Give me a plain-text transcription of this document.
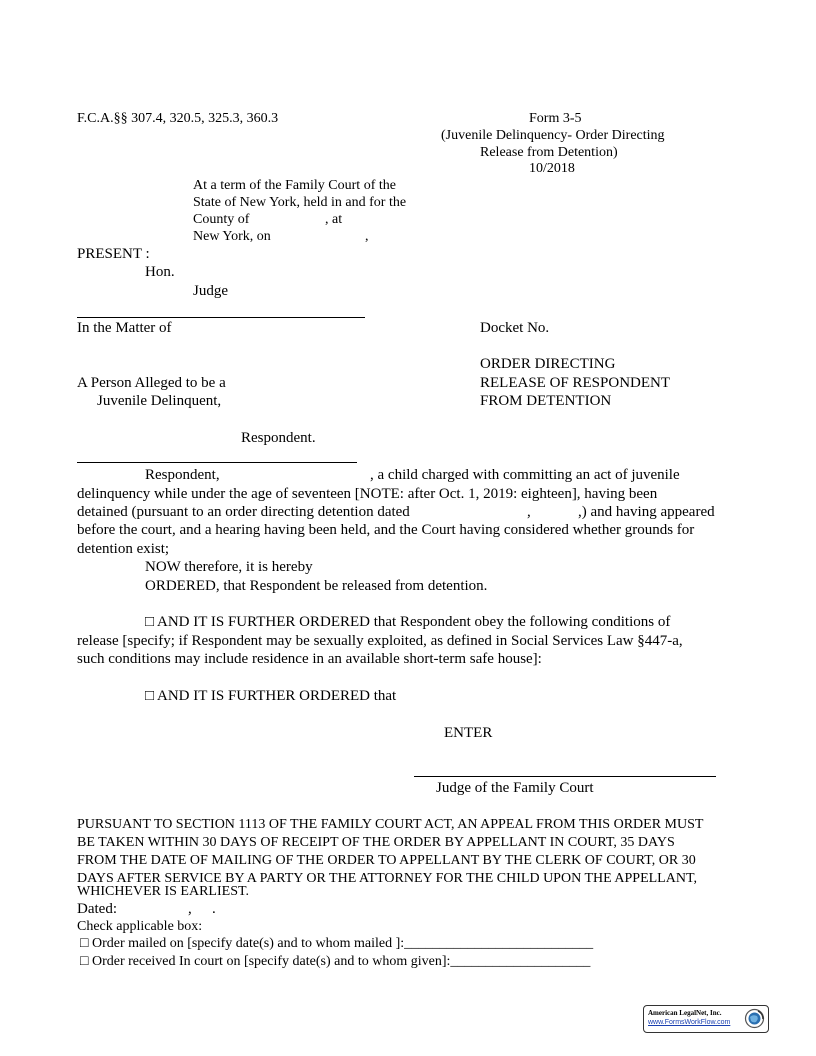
F.C.A.§§ 307.4, 320.5, 325.3, 360.3	Form 3-5
(Juvenile Delinquency- Order Directing
Release from Detention)
10/2018
At a term of the Family Court of the
State of New York, held in and for the
County of	, at
New York, on	,
PRESENT :
Hon.
Judge
In the Matter of	Docket No.
ORDER DIRECTING
A Person Alleged to be a	RELEASE OF RESPONDENT
Juvenile Delinquent,	FROM DETENTION
Respondent.
Respondent,	, a child charged with committing an act of juvenile
delinquency while under the age of seventeen [NOTE: after Oct. 1, 2019: eighteen], having been
detained (pursuant to an order directing detention dated	,	,) and having appeared
before the court, and a hearing having been held, and the Court having considered whether grounds for
detention exist;
NOW therefore, it is hereby
ORDERED, that Respondent be released from detention.
□ AND IT IS FURTHER ORDERED that Respondent obey the following conditions of
release [specify; if Respondent may be sexually exploited, as defined in Social Services Law §447-a,
such conditions may include residence in an available short-term safe house]:
□ AND IT IS FURTHER ORDERED that
ENTER
Judge of the Family Court
PURSUANT TO SECTION 1113 OF THE FAMILY COURT ACT, AN APPEAL FROM THIS ORDER MUST
BE TAKEN WITHIN 30 DAYS OF RECEIPT OF THE ORDER BY APPELLANT IN COURT, 35 DAYS
FROM THE DATE OF MAILING OF THE ORDER TO APPELLANT BY THE CLERK OF COURT, OR 30
DAYS AFTER SERVICE BY A PARTY OR THE ATTORNEY FOR THE CHILD UPON THE APPELLANT,
WHICHEVER IS EARLIEST.
Dated:	, .
Check applicable box:
□ Order mailed on [specify date(s) and to whom mailed ]:___________________________
□ Order received In court on [specify date(s) and to whom given]:____________________
American LegalNet, Inc.
www.FormsWorkFlow.com
